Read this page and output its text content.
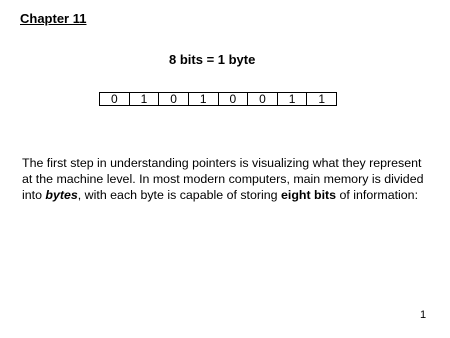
Chapter 11
8 bits = 1 byte
0	1	0	1	0	0	1	1

The first step in understanding pointers is visualizing what they represent
at the machine level. In most modern computers, main memory is divided
into bytes, with each byte is capable of storing eight bits of information:

1
